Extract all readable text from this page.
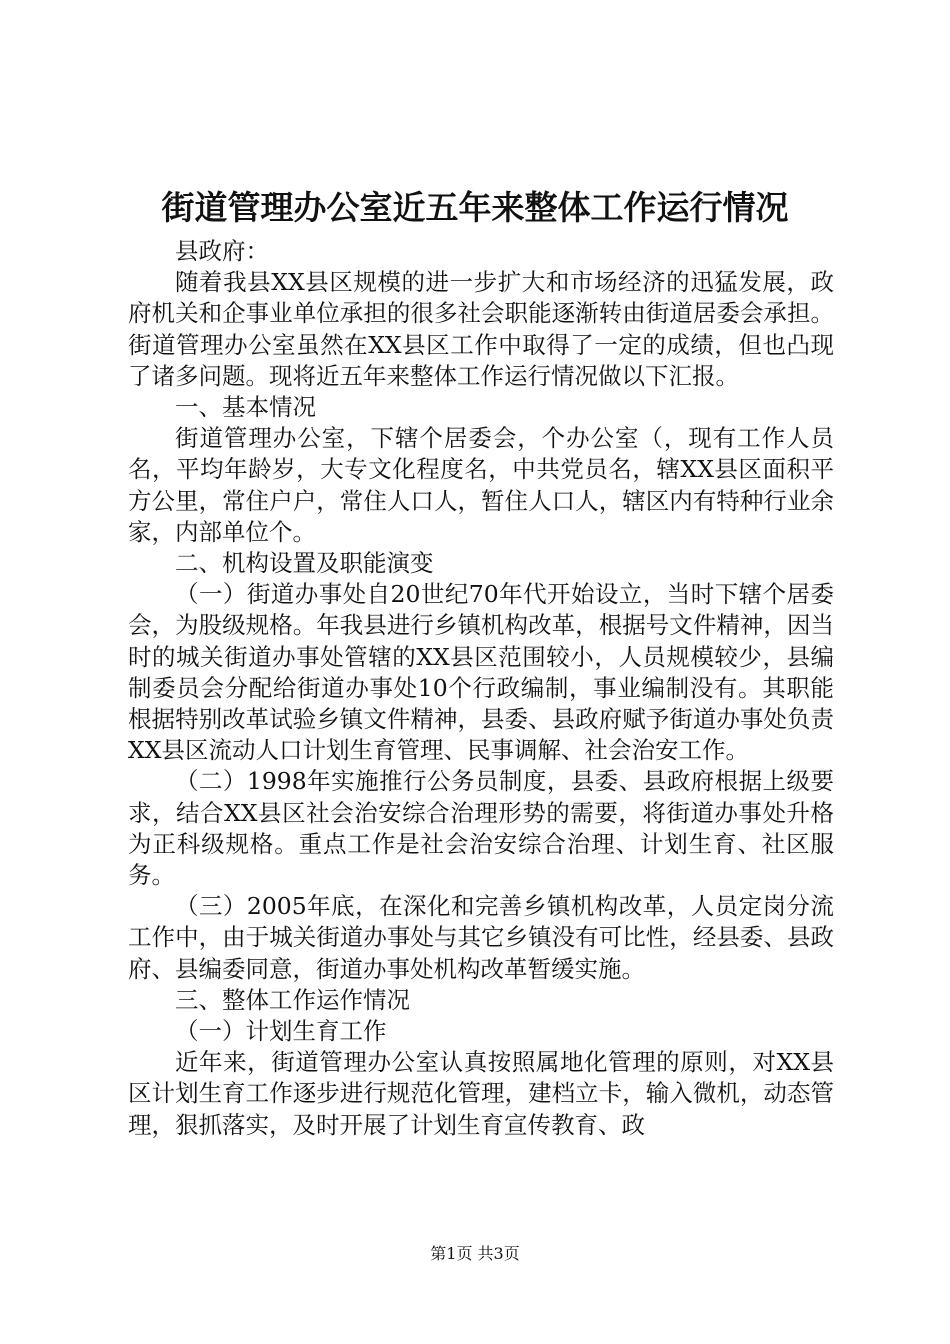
街道管理办公室近五年来整体工作运行情况

县政府：

随着我县XX县区规模的进一步扩大和市场经济的迅猛发展，政府机关和企事业单位承担的很多社会职能逐渐转由街道居委会承担。街道管理办公室虽然在XX县区工作中取得了一定的成绩，但也凸现了诸多问题。现将近五年来整体工作运行情况做以下汇报。

一、基本情况

街道管理办公室，下辖个居委会，个办公室（，现有工作人员名，平均年龄岁，大专文化程度名，中共党员名，辖XX县区面积平方公里，常住户户，常住人口人，暂住人口人，辖区内有特种行业余家，内部单位个。

二、机构设置及职能演变

（一）街道办事处自20世纪70年代开始设立，当时下辖个居委会，为股级规格。年我县进行乡镇机构改革，根据号文件精神，因当时的城关街道办事处管辖的XX县区范围较小，人员规模较少，县编制委员会分配给街道办事处10个行政编制，事业编制没有。其职能根据特别改革试验乡镇文件精神，县委、县政府赋予街道办事处负责XX县区流动人口计划生育管理、民事调解、社会治安工作。

（二）1998年实施推行公务员制度，县委、县政府根据上级要求，结合XX县区社会治安综合治理形势的需要，将街道办事处升格为正科级规格。重点工作是社会治安综合治理、计划生育、社区服务。

（三）2005年底，在深化和完善乡镇机构改革，人员定岗分流工作中，由于城关街道办事处与其它乡镇没有可比性，经县委、县政府、县编委同意，街道办事处机构改革暂缓实施。

三、整体工作运作情况

（一）计划生育工作

近年来，街道管理办公室认真按照属地化管理的原则，对XX县区计划生育工作逐步进行规范化管理，建档立卡，输入微机，动态管理，狠抓落实，及时开展了计划生育宣传教育、政

第1页 共3页
